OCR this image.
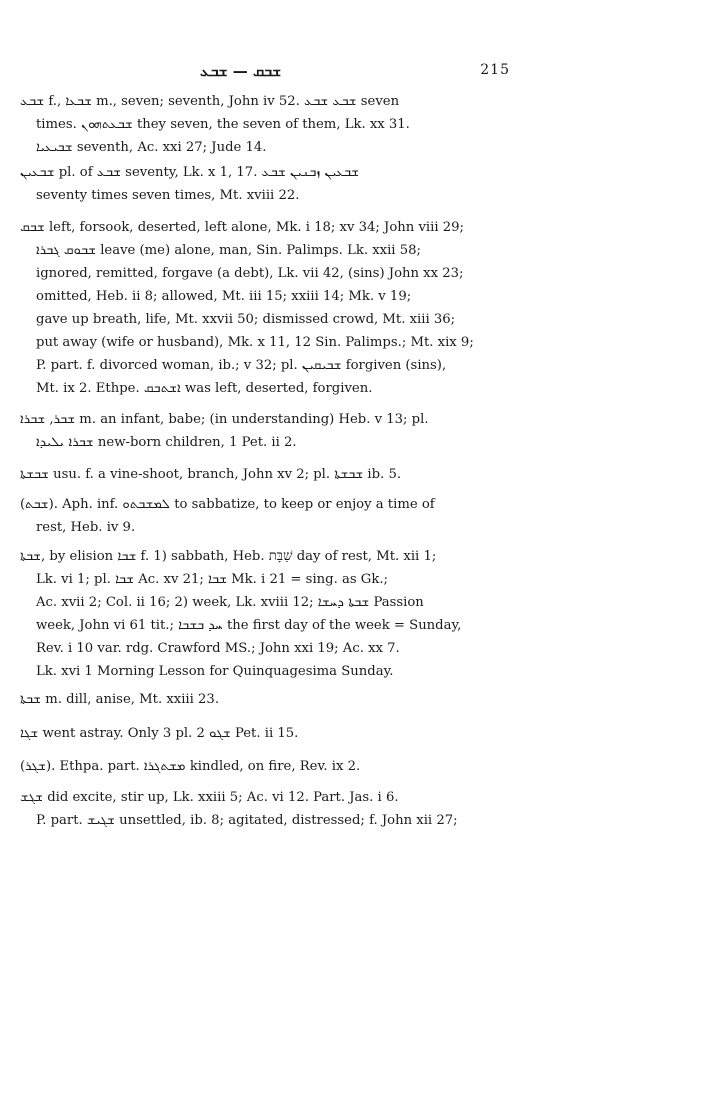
ܫܒܩ — ܫܒܥ	215
ܫܒܥ f., ܫܒܥܐ m., seven; seventh, John iv 52. ܫܒܥ ܫܒܥ seven
times. ܫܒܥܬܗܘܢ they seven, the seven of them, Lk. xx 31.
ܫܒܝܥܝܐ seventh, Ac. xxi 27; Jude 14.
ܫܒܥܝܢ pl. of ܫܒܥ seventy, Lk. x 1, 17. ܫܒܥܝܢ ܙܒܢܝܢ ܫܒܥ
seventy times seven times, Mt. xviii 22.
ܫܒܩ left, forsook, deserted, left alone, Mk. i 18; xv 34; John viii 29;
ܫܒܘܩ ܓܒܪܐ leave (me) alone, man, Sin. Palimps. Lk. xxii 58;
ignored, remitted, forgave (a debt), Lk. vii 42, (sins) John xx 23;
omitted, Heb. ii 8; allowed, Mt. iii 15; xxiii 14; Mk. v 19;
gave up breath, life, Mt. xxvii 50; dismissed crowd, Mt. xiii 36;
put away (wife or husband), Mk. x 11, 12 Sin. Palimps.; Mt. xix 9;
P. part. f. divorced woman, ib.; v 32; pl. ܫܒܝܩܝܢ forgiven (sins),
Mt. ix 2. Ethpe. ܐܫܬܒܩ was left, deserted, forgiven.
ܫܒܪ, ܫܒܪܐ m. an infant, babe; (in understanding) Heb. v 13; pl.
ܫܒܪܐ ܝܠܝܕܐ new-born children, 1 Pet. ii 2.
ܫܒܫܬܐ usu. f. a vine-shoot, branch, John xv 2; pl. ܫܒܫܬܐ ib. 5.
(ܫܒܬ). Aph. inf. ܠܡܫܒܬܘ to sabbatize, to keep or enjoy a time of
rest, Heb. iv 9.
ܫܒܬܐ, by elision ܫܒܐ f. 1) sabbath, Heb. שַׁבָּת day of rest, Mt. xii 1;
Lk. vi 1; pl. ܫܒܐ Ac. xv 21; ܫܒܐ Mk. i 21 = sing. as Gk.;
Ac. xvii 2; Col. ii 16; 2) week, Lk. xviii 12; ܫܒܬܐ ܕܚܫܐ Passion
week, John vi 61 tit.; ܚܕ ܒܫܒܐ the first day of the week = Sunday,
Rev. i 10 var. rdg. Crawford MS.; John xxi 19; Ac. xx 7.
Lk. xvi 1 Morning Lesson for Quinquagesima Sunday.
ܫܒܬܐ m. dill, anise, Mt. xxiii 23.
ܫܓܐ went astray. Only 3 pl. ܫܓܘ 2 Pet. ii 15.
(ܫܓܪ). Ethpa. part. ܡܫܬܓܪܐ kindled, on fire, Rev. ix 2.
ܫܓܫ did excite, stir up, Lk. xxiii 5; Ac. vi 12. Part. Jas. i 6.
P. part. ܫܓܝܫ unsettled, ib. 8; agitated, distressed; f. John xii 27;
